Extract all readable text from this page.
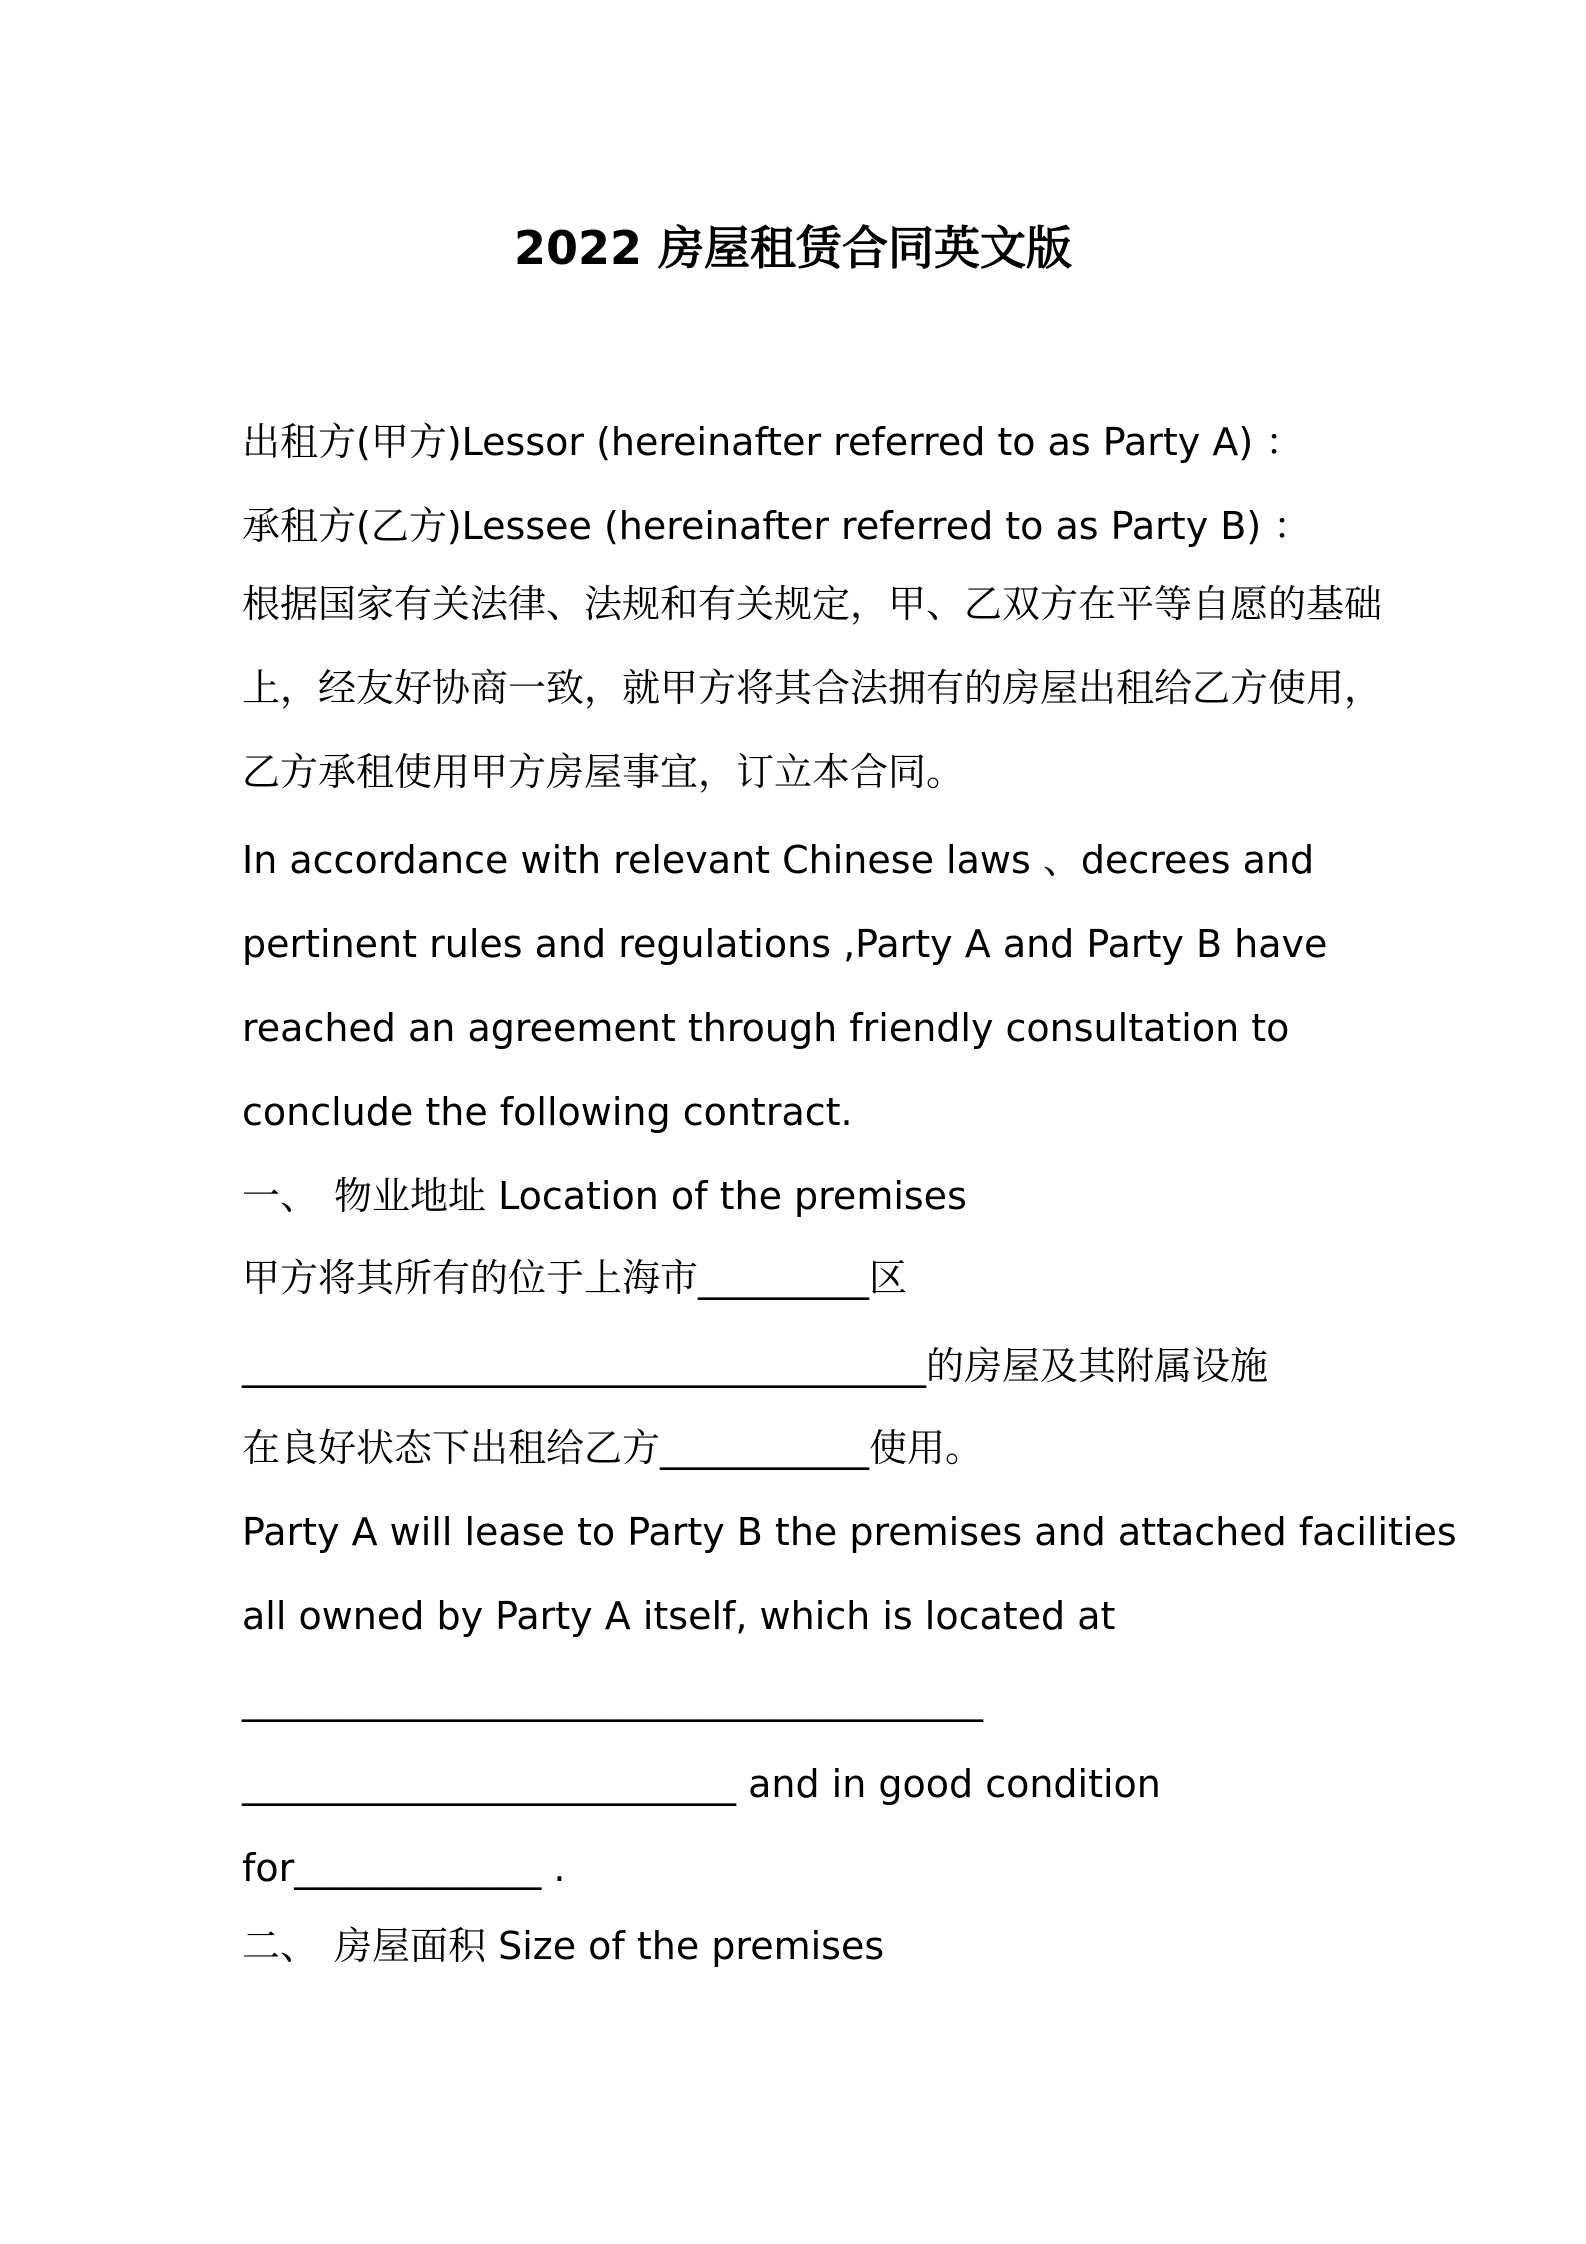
2022 房屋租赁合同英文版
出租方(甲方)Lessor (hereinafter referred to as Party A) ：
承租方(乙方)Lessee (hereinafter referred to as Party B) ：
根据国家有关法律、法规和有关规定，甲、乙双方在平等自愿的基础
上，经友好协商一致，就甲方将其合法拥有的房屋出租给乙方使用，
乙方承租使用甲方房屋事宜，订立本合同。
In accordance with relevant Chinese laws 、decrees and
pertinent rules and regulations ,Party A and Party B have
reached an agreement through friendly consultation to
conclude the following contract.
一、 物业地址 Location of the premises
甲方将其所有的位于上海市_________区
____________________________________的房屋及其附属设施
在良好状态下出租给乙方___________使用。
Party A will lease to Party B the premises and attached facilities
all owned by Party A itself, which is located at
_______________________________________
__________________________ and in good condition
for_____________ .
二、 房屋面积 Size of the premises
